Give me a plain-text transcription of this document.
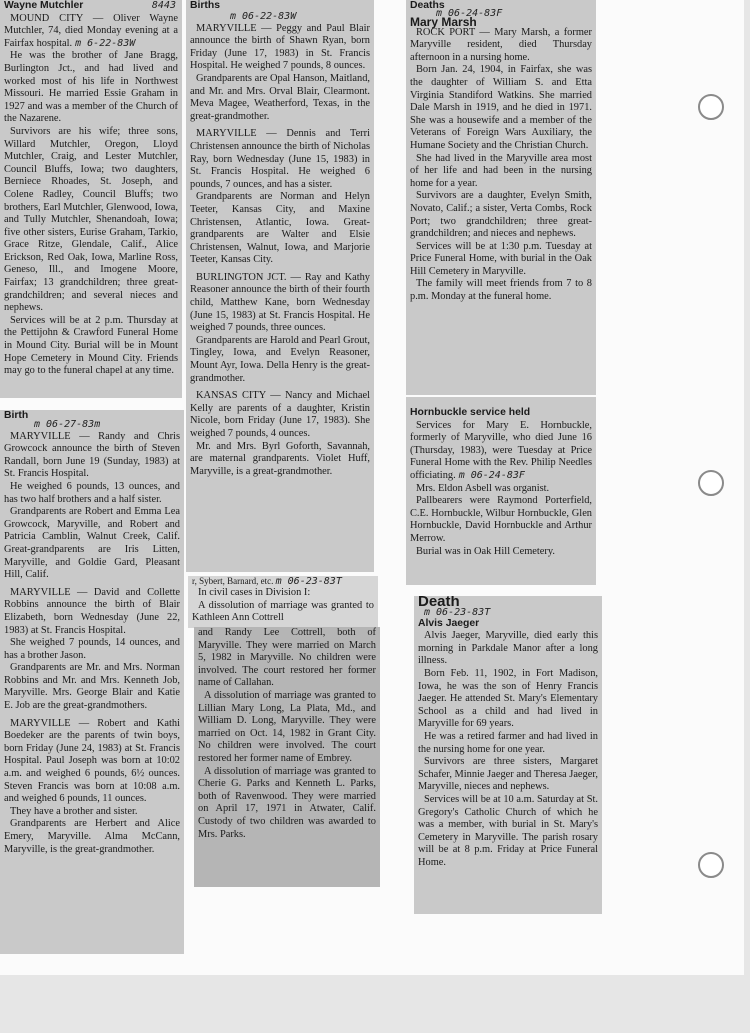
Wayne Mutchler	8443

MOUND CITY — Oliver Wayne Mutchler, 74, died Monday evening at a Fairfax hospital. m 6-22-83W

He was the brother of Jane Bragg, Burlington Jct., and had lived and worked most of his life in Northwest Missouri. He married Essie Graham in 1927 and was a member of the Church of the Nazarene.

Survivors are his wife; three sons, Willard Mutchler, Oregon, Lloyd Mutchler, Craig, and Lester Mutchler, Council Bluffs, Iowa; two daughters, Berniece Rhoades, St. Joseph, and Colene Radley, Council Bluffs; two brothers, Earl Mutchler, Glenwood, Iowa, and Tully Mutchler, Shenandoah, Iowa; five other sisters, Eurise Graham, Tarkio, Grace Ritze, Glendale, Calif., Alice Erickson, Red Oak, Iowa, Marline Ross, Geneso, Ill., and Imogene Moore, Fairfax; 13 grandchildren; three great-grandchildren; and several nieces and nephews.

Services will be at 2 p.m. Thursday at the Pettijohn & Crawford Funeral Home in Mound City. Burial will be in Mount Hope Cemetery in Mound City. Friends may go to the funeral chapel at any time.

Birth

m 06-27-83m

MARYVILLE — Randy and Chris Growcock announce the birth of Steven Randall, born June 19 (Sunday, 1983) at St. Francis Hospital.

He weighed 6 pounds, 13 ounces, and has two half brothers and a half sister.

Grandparents are Robert and Emma Lea Growcock, Maryville, and Robert and Patricia Camblin, Walnut Creek, Calif. Great-grandparents are Iris Litten, Maryville, and Goldie Gard, Pleasant Hill, Calif.

MARYVILLE — David and Collette Robbins announce the birth of Blair Elizabeth, born Wednesday (June 22, 1983) at St. Francis Hospital.

She weighed 7 pounds, 14 ounces, and has a brother Jason.

Grandparents are Mr. and Mrs. Norman Robbins and Mr. and Mrs. Kenneth Job, Maryville. Mrs. George Blair and Katie E. Job are the great-grandmothers.

MARYVILLE — Robert and Kathi Boedeker are the parents of twin boys, born Friday (June 24, 1983) at St. Francis Hospital. Paul Joseph was born at 10:02 a.m. and weighed 6 pounds, 6½ ounces. Steven Francis was born at 10:08 a.m. and weighed 6 pounds, 11 ounces.

They have a brother and sister.

Grandparents are Herbert and Alice Emery, Maryville. Alma McCann, Maryville, is the great-grandmother.

Births

m 06-22-83W

MARYVILLE — Peggy and Paul Blair announce the birth of Shawn Ryan, born Friday (June 17, 1983) in St. Francis Hospital. He weighed 7 pounds, 8 ounces.

Grandparents are Opal Hanson, Maitland, and Mr. and Mrs. Orval Blair, Clearmont. Meva Magee, Weatherford, Texas, in the great-grandmother.

MARYVILLE — Dennis and Terri Christensen announce the birth of Nicholas Ray, born Wednesday (June 15, 1983) in St. Francis Hospital. He weighed 6 pounds, 7 ounces, and has a sister.

Grandparents are Norman and Helyn Teeter, Kansas City, and Maxine Christensen, Atlantic, Iowa. Great-grandparents are Walter and Elsie Christensen, Walnut, Iowa, and Marjorie Teeter, Kansas City.

BURLINGTON JCT. — Ray and Kathy Reasoner announce the birth of their fourth child, Matthew Kane, born Wednesday (June 15, 1983) at St. Francis Hospital. He weighed 7 pounds, three ounces.

Grandparents are Harold and Pearl Grout, Tingley, Iowa, and Evelyn Reasoner, Mount Ayr, Iowa. Della Henry is the great-grandmother.

KANSAS CITY — Nancy and Michael Kelly are parents of a daughter, Kristin Nicole, born Friday (June 17, 1983). She weighed 7 pounds, 4 ounces.

Mr. and Mrs. Byrl Goforth, Savannah, are maternal grandparents. Violet Huff, Maryville, is a great-grandmother.

r, Sybert, Barnard, etc. m 06-23-83T

In civil cases in Division I:

A dissolution of marriage was granted to Kathleen Ann Cottrell

and Randy Lee Cottrell, both of Maryville. They were married on March 5, 1982 in Maryville. No children were involved. The court restored her former name of Callahan.

A dissolution of marriage was granted to Lillian Mary Long, La Plata, Md., and William D. Long, Maryville. They were married on Oct. 14, 1982 in Grant City. No children were involved. The court restored her former name of Embrey.

A dissolution of marriage was granted to Cherie G. Parks and Kenneth L. Parks, both of Ravenwood. They were married on April 17, 1971 in Atwater, Calif. Custody of two children was awarded to Mrs. Parks.

Deaths

Mary Marsh
m 06-24-83F

ROCK PORT — Mary Marsh, a former Maryville resident, died Thursday afternoon in a nursing home.

Born Jan. 24, 1904, in Fairfax, she was the daughter of William S. and Etta Virginia Standiford Watkins. She married Dale Marsh in 1919, and he died in 1971. She was a housewife and a member of the Veterans of Foreign Wars Auxiliary, the Humane Society and the Christian Church.

She had lived in the Maryville area most of her life and had been in the nursing home for a year.

Survivors are a daughter, Evelyn Smith, Novato, Calif.; a sister, Verta Combs, Rock Port; two grandchildren; three great-grandchildren; and nieces and nephews.

Services will be at 1:30 p.m. Tuesday at Price Funeral Home, with burial in the Oak Hill Cemetery in Maryville.

The family will meet friends from 7 to 8 p.m. Monday at the funeral home.

Hornbuckle service held

Services for Mary E. Hornbuckle, formerly of Maryville, who died June 16 (Thursday, 1983), were Tuesday at Price Funeral Home with the Rev. Philip Needles officiating. m 06-24-83F

Mrs. Eldon Asbell was organist.

Pallbearers were Raymond Porterfield, C.E. Hornbuckle, Wilbur Hornbuckle, Glen Hornbuckle, David Hornbuckle and Arthur Merrow.

Burial was in Oak Hill Cemetery.

Death

m 06-23-83T

Alvis Jaeger

Alvis Jaeger, Maryville, died early this morning in Parkdale Manor after a long illness.

Born Feb. 11, 1902, in Fort Madison, Iowa, he was the son of Henry Francis Jaeger. He attended St. Mary's Elementary School as a child and had lived in Maryville for 69 years.

He was a retired farmer and had lived in the nursing home for one year.

Survivors are three sisters, Margaret Schafer, Minnie Jaeger and Theresa Jaeger, Maryville, nieces and nephews.

Services will be at 10 a.m. Saturday at St. Gregory's Catholic Church of which he was a member, with burial in St. Mary's Cemetery in Maryville. The parish rosary will be at 8 p.m. Friday at Price Funeral Home.
